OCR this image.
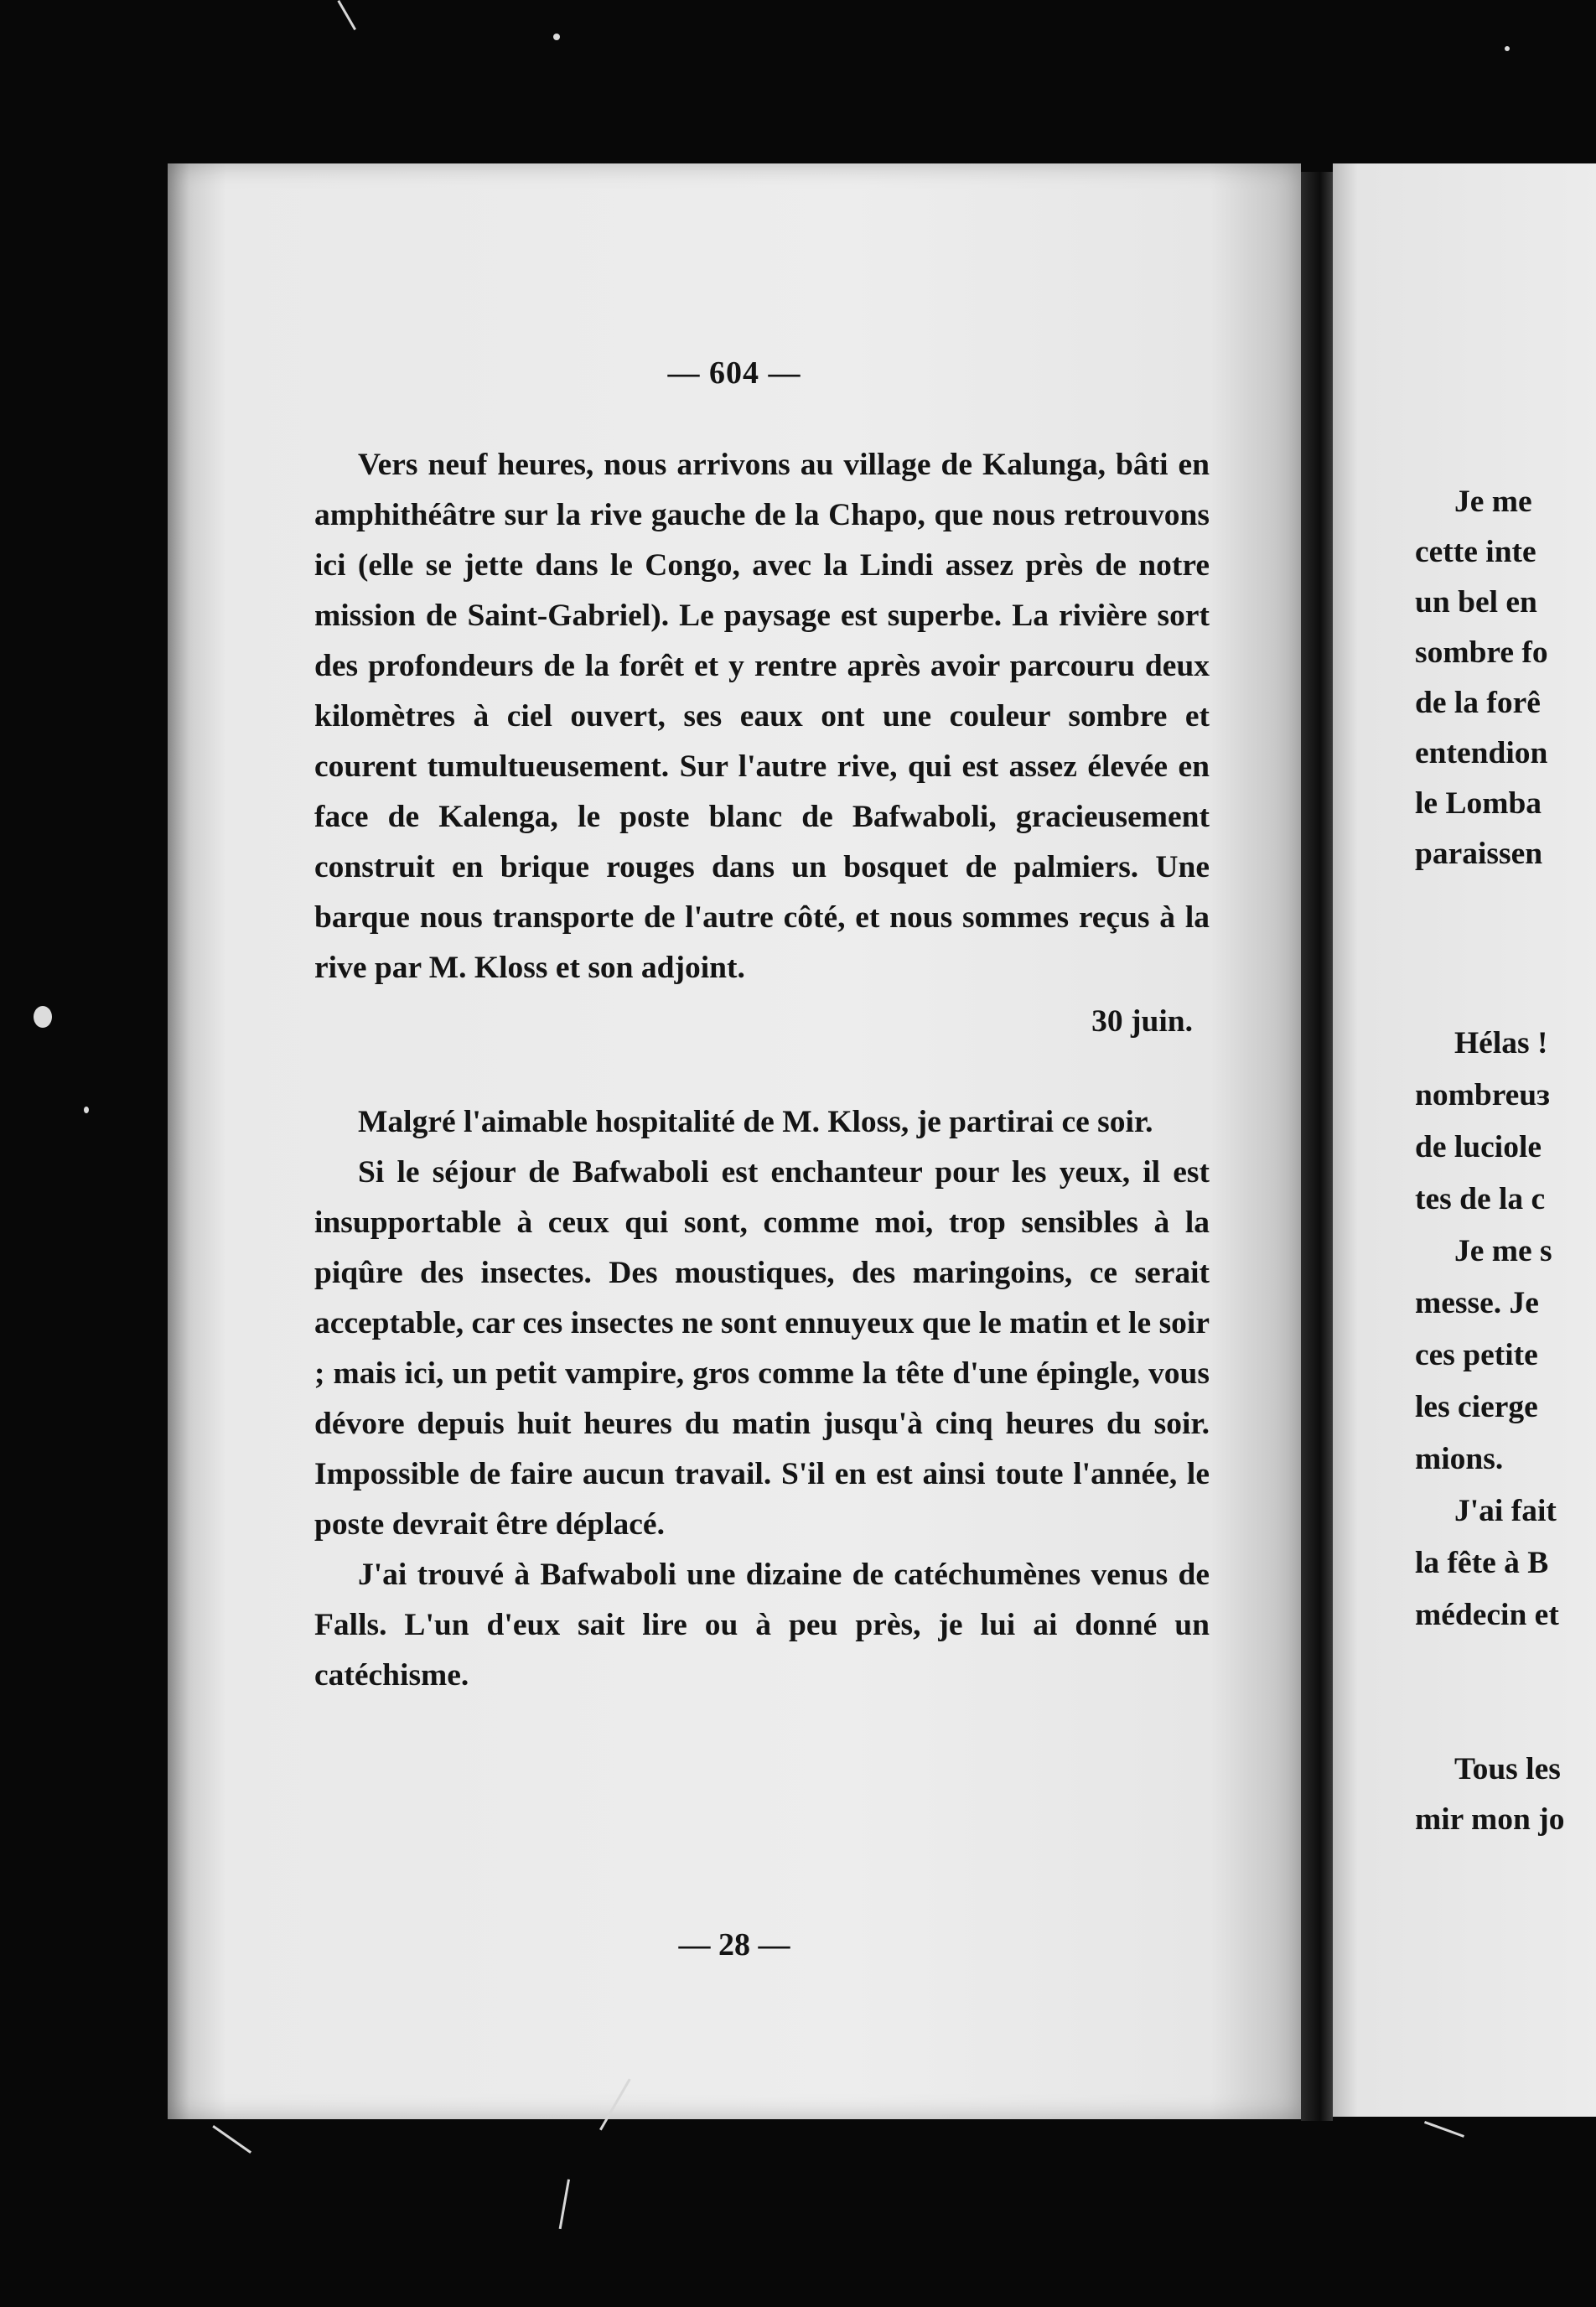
— 604 —

Vers neuf heures, nous arrivons au village de Kalunga, bâti en amphithéâtre sur la rive gauche de la Chapo, que nous retrouvons ici (elle se jette dans le Congo, avec la Lindi assez près de notre mission de Saint-Gabriel). Le paysage est superbe. La rivière sort des profondeurs de la forêt et y rentre après avoir parcouru deux kilomètres à ciel ouvert, ses eaux ont une couleur sombre et courent tumultueusement. Sur l'autre rive, qui est assez élevée en face de Kalenga, le poste blanc de Bafwaboli, gracieusement construit en brique rouges dans un bosquet de palmiers. Une barque nous transporte de l'autre côté, et nous sommes reçus à la rive par M. Kloss et son adjoint.

30 juin.

Malgré l'aimable hospitalité de M. Kloss, je partirai ce soir.

Si le séjour de Bafwaboli est enchanteur pour les yeux, il est insupportable à ceux qui sont, comme moi, trop sensibles à la piqûre des insectes. Des moustiques, des maringoins, ce serait acceptable, car ces insectes ne sont ennuyeux que le matin et le soir ; mais ici, un petit vampire, gros comme la tête d'une épingle, vous dévore depuis huit heures du matin jusqu'à cinq heures du soir. Impossible de faire aucun travail. S'il en est ainsi toute l'année, le poste devrait être déplacé.

J'ai trouvé à Bafwaboli une dizaine de catéchumènes venus de Falls. L'un d'eux sait lire ou à peu près, je lui ai donné un catéchisme.

— 28 —
Je me
cette inte
un bel en
sombre fo
de la forê
entendion
le Lomba
paraissen
Hélas !
nombreuɜ
de luciole
tes de la c
Je me s
messe. Je
ces petite
les cierge
mions.
J'ai fait
la fête à B
médecin et
Tous les
mir mon jo
